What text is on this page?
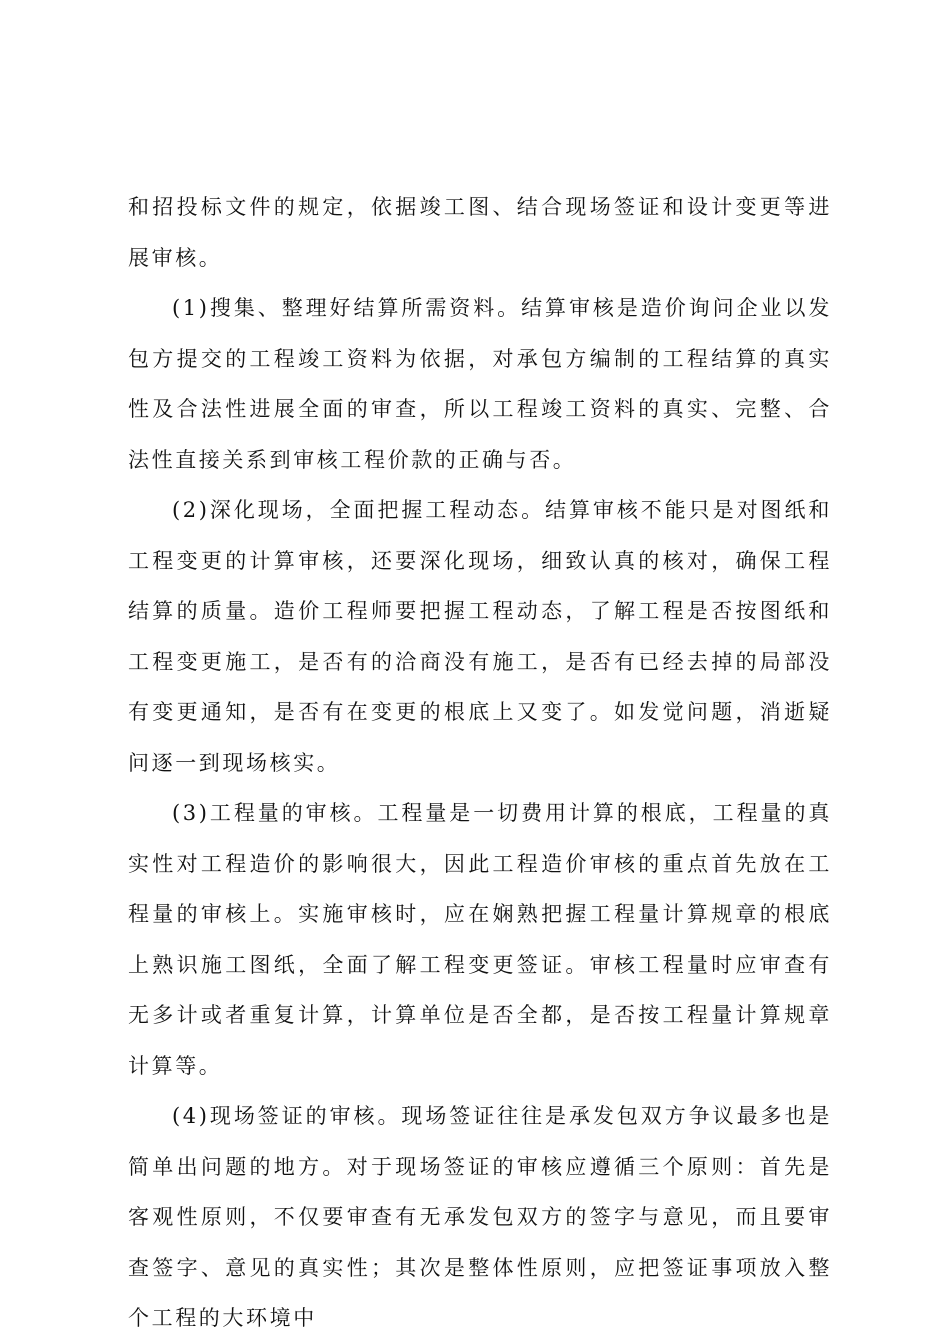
和招投标文件的规定，依据竣工图、结合现场签证和设计变更等进展审核。

(1)搜集、整理好结算所需资料。结算审核是造价询问企业以发包方提交的工程竣工资料为依据，对承包方编制的工程结算的真实性及合法性进展全面的审查，所以工程竣工资料的真实、完整、合法性直接关系到审核工程价款的正确与否。

(2)深化现场，全面把握工程动态。结算审核不能只是对图纸和工程变更的计算审核，还要深化现场，细致认真的核对，确保工程结算的质量。造价工程师要把握工程动态，了解工程是否按图纸和工程变更施工，是否有的洽商没有施工，是否有已经去掉的局部没有变更通知，是否有在变更的根底上又变了。如发觉问题，消逝疑问逐一到现场核实。

(3)工程量的审核。工程量是一切费用计算的根底，工程量的真实性对工程造价的影响很大，因此工程造价审核的重点首先放在工程量的审核上。实施审核时，应在娴熟把握工程量计算规章的根底上熟识施工图纸，全面了解工程变更签证。审核工程量时应审查有无多计或者重复计算，计算单位是否全都，是否按工程量计算规章计算等。

(4)现场签证的审核。现场签证往往是承发包双方争议最多也是简单出问题的地方。对于现场签证的审核应遵循三个原则：首先是客观性原则，不仅要审查有无承发包双方的签字与意见，而且要审查签字、意见的真实性；其次是整体性原则，应把签证事项放入整个工程的大环境中
